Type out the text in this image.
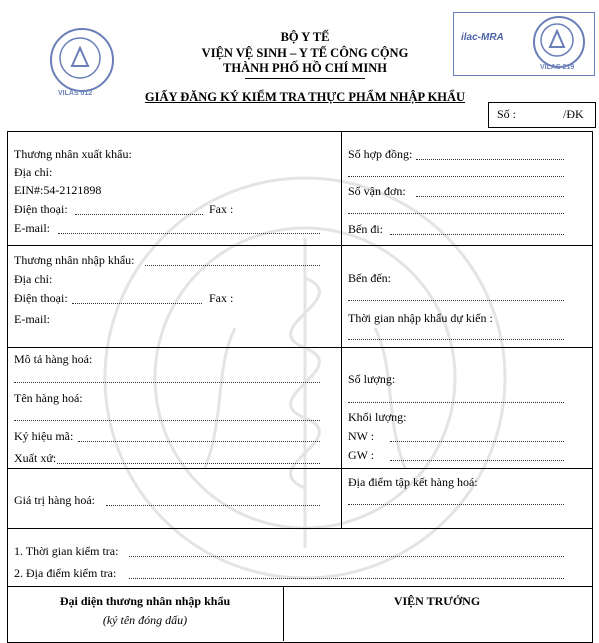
VILAS 012
BỘ Y TẾ
VIỆN VỆ SINH – Y TẾ CÔNG CỘNG
THÀNH PHỐ HỒ CHÍ MINH
ilac-MRA
VILAS 219
GIẤY ĐĂNG KÝ KIỂM TRA THỰC PHẨM NHẬP KHẨU
Số :	/ĐK
Thương nhân xuất khẩu:
Địa chỉ:
EIN#:54-2121898
Điện thoại:	Fax :
E-mail:
Số hợp đồng:
Số vận đơn:
Bến đi:
Thương nhân nhập khẩu:
Địa chỉ:
Điện thoại:	Fax :
E-mail:
Bến đến:
Thời gian nhập khẩu dự kiến :
Mô tả hàng hoá:
Tên hàng hoá:
Ký hiệu mã:
Xuất xứ:
Số lượng:
Khối lượng:
NW :
GW :
Giá trị hàng hoá:
Địa điểm tập kết hàng hoá:
1. Thời gian kiểm tra:
2. Địa điểm kiểm tra:
Đại diện thương nhân nhập khẩu
(ký tên đóng dấu)
VIỆN TRƯỞNG
